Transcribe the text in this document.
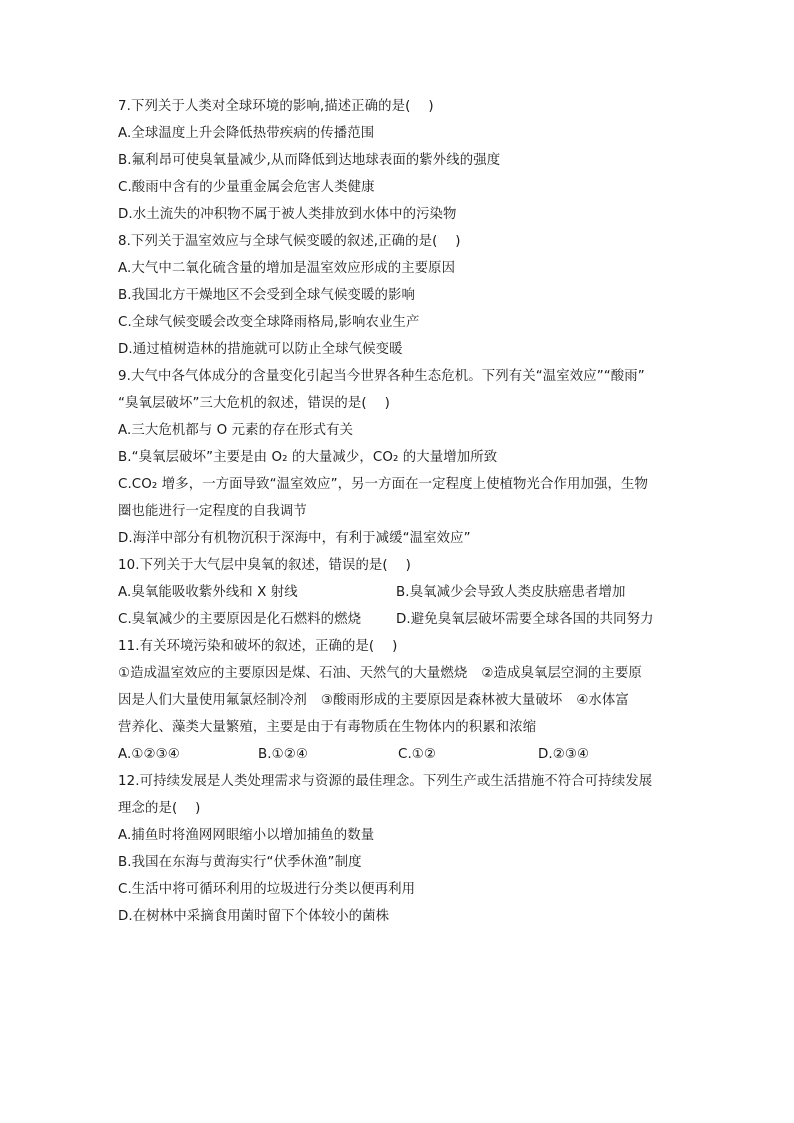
7.下列关于人类对全球环境的影响,描述正确的是(　 )
A.全球温度上升会降低热带疾病的传播范围
B.氟利昂可使臭氧量减少,从而降低到达地球表面的紫外线的强度
C.酸雨中含有的少量重金属会危害人类健康
D.水土流失的冲积物不属于被人类排放到水体中的污染物
8.下列关于温室效应与全球气候变暖的叙述,正确的是(　 )
A.大气中二氧化硫含量的增加是温室效应形成的主要原因
B.我国北方干燥地区不会受到全球气候变暖的影响
C.全球气候变暖会改变全球降雨格局,影响农业生产
D.通过植树造林的措施就可以防止全球气候变暖
9.大气中各气体成分的含量变化引起当今世界各种生态危机。下列有关“温室效应”“酸雨”
“臭氧层破坏”三大危机的叙述，错误的是(　 )
A.三大危机都与 O 元素的存在形式有关
B.“臭氧层破坏”主要是由 O₂ 的大量减少，CO₂ 的大量增加所致
C.CO₂ 增多，一方面导致“温室效应”，另一方面在一定程度上使植物光合作用加强，生物
圈也能进行一定程度的自我调节
D.海洋中部分有机物沉积于深海中，有利于减缓“温室效应”
10.下列关于大气层中臭氧的叙述，错误的是(　 )
A.臭氧能吸收紫外线和 X 射线	B.臭氧减少会导致人类皮肤癌患者增加
C.臭氧减少的主要原因是化石燃料的燃烧	D.避免臭氧层破坏需要全球各国的共同努力
11.有关环境污染和破坏的叙述，正确的是(　 )
①造成温室效应的主要原因是煤、石油、天然气的大量燃烧 ②造成臭氧层空洞的主要原
因是人们大量使用氟氯烃制冷剂 ③酸雨形成的主要原因是森林被大量破坏 ④水体富
营养化、藻类大量繁殖，主要是由于有毒物质在生物体内的积累和浓缩
A.①②③④	B.①②④	C.①②	D.②③④
12.可持续发展是人类处理需求与资源的最佳理念。下列生产或生活措施不符合可持续发展
理念的是(　 )
A.捕鱼时将渔网网眼缩小以增加捕鱼的数量
B.我国在东海与黄海实行“伏季休渔”制度
C.生活中将可循环利用的垃圾进行分类以便再利用
D.在树林中采摘食用菌时留下个体较小的菌株
